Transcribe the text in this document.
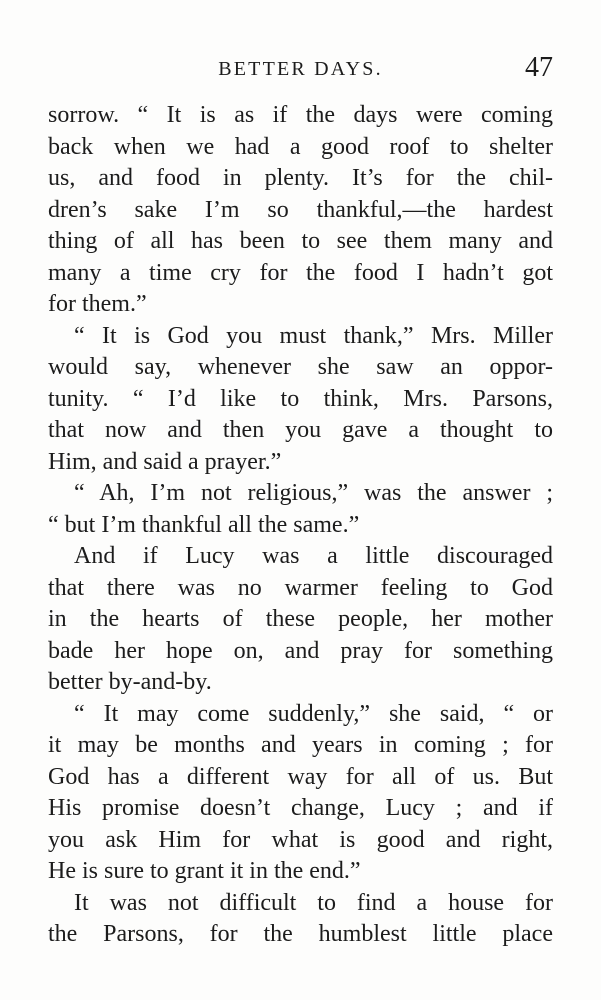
BETTER DAYS.	47
sorrow. “ It is as if the days were coming
back when we had a good roof to shelter
us, and food in plenty. It’s for the chil-
dren’s sake I’m so thankful,—the hardest
thing of all has been to see them many and
many a time cry for the food I hadn’t got
for them.”
“ It is God you must thank,” Mrs. Miller
would say, whenever she saw an oppor-
tunity. “ I’d like to think, Mrs. Parsons,
that now and then you gave a thought to
Him, and said a prayer.”
“ Ah, I’m not religious,” was the answer ;
“ but I’m thankful all the same.”
And if Lucy was a little discouraged
that there was no warmer feeling to God
in the hearts of these people, her mother
bade her hope on, and pray for something
better by-and-by.
“ It may come suddenly,” she said, “ or
it may be months and years in coming ; for
God has a different way for all of us. But
His promise doesn’t change, Lucy ; and if
you ask Him for what is good and right,
He is sure to grant it in the end.”
It was not difficult to find a house for
the Parsons, for the humblest little place
